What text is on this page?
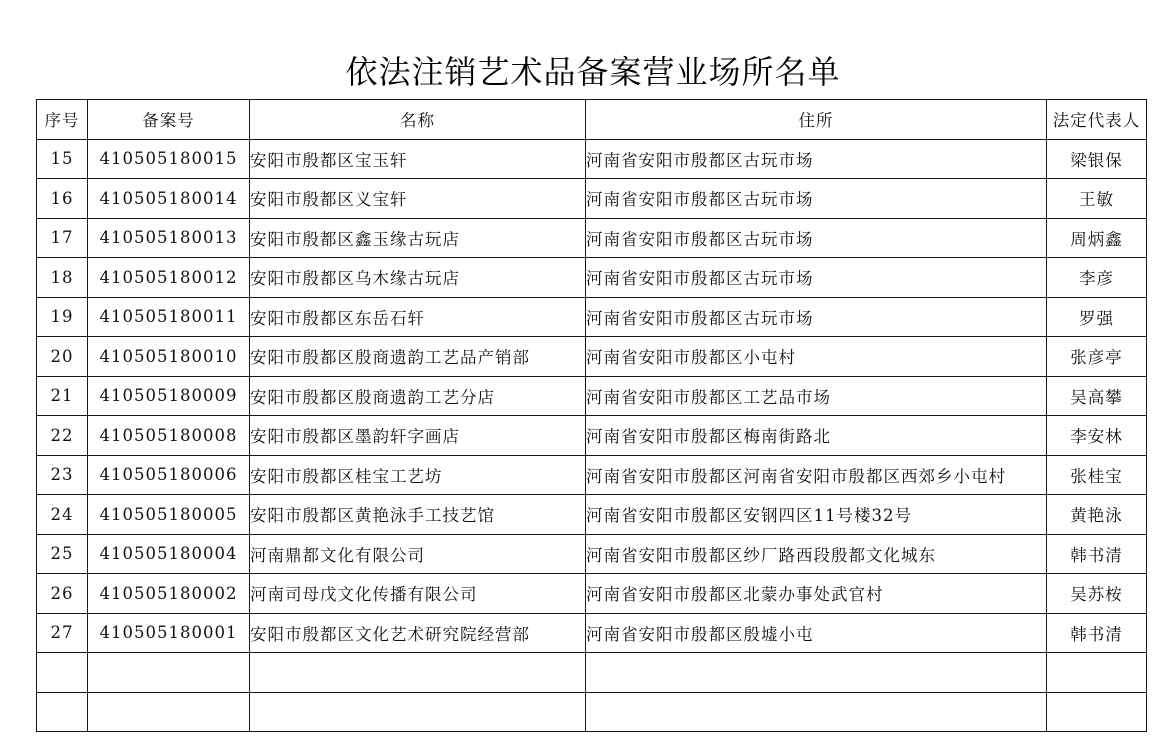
依法注销艺术品备案营业场所名单
序号	备案号	名称	住所	法定代表人
15	410505180015	安阳市殷都区宝玉轩	河南省安阳市殷都区古玩市场	梁银保
16	410505180014	安阳市殷都区义宝轩	河南省安阳市殷都区古玩市场	王敏
17	410505180013	安阳市殷都区鑫玉缘古玩店	河南省安阳市殷都区古玩市场	周炳鑫
18	410505180012	安阳市殷都区乌木缘古玩店	河南省安阳市殷都区古玩市场	李彦
19	410505180011	安阳市殷都区东岳石轩	河南省安阳市殷都区古玩市场	罗强
20	410505180010	安阳市殷都区殷商遗韵工艺品产销部	河南省安阳市殷都区小屯村	张彦亭
21	410505180009	安阳市殷都区殷商遗韵工艺分店	河南省安阳市殷都区工艺品市场	吴高攀
22	410505180008	安阳市殷都区墨韵轩字画店	河南省安阳市殷都区梅南街路北	李安林
23	410505180006	安阳市殷都区桂宝工艺坊	河南省安阳市殷都区河南省安阳市殷都区西郊乡小屯村	张桂宝
24	410505180005	安阳市殷都区黄艳泳手工技艺馆	河南省安阳市殷都区安钢四区11号楼32号	黄艳泳
25	410505180004	河南鼎都文化有限公司	河南省安阳市殷都区纱厂路西段殷都文化城东	韩书清
26	410505180002	河南司母戊文化传播有限公司	河南省安阳市殷都区北蒙办事处武官村	吴苏桉
27	410505180001	安阳市殷都区文化艺术研究院经营部	河南省安阳市殷都区殷墟小屯	韩书清
